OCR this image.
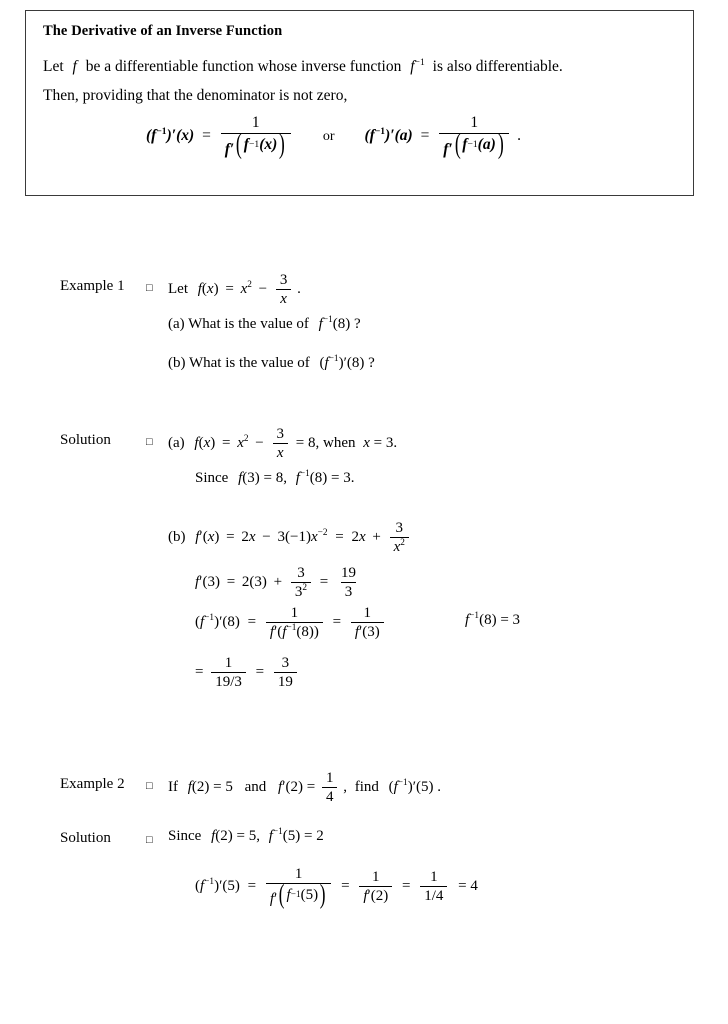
The Derivative of an Inverse Function
Let f be a differentiable function whose inverse function $f^{-1}$ is also differentiable.
Then, providing that the denominator is not zero,
$(f^{-1})'(x) = \frac{1}{f' ( f -1 (x) )}$ or $(f^{-1})'(a) = \frac{1}{f' ( f -1 (a) )}$ .
Example 1 □ Let $f(x) = x^2 - \frac{3}{x}$ .
(a) What is the value of $f^{-1}(8)$ ?
(b) What is the value of $(f^{-1})'(8)$ ?
Solution	□ (a) $f(x) = x^2 - \frac{3}{x} = 8$, when x = 3.
Since f(3) = 8, $f^{-1}(8) = 3$.
(b) $f'(x) = 2x - 3(-1)x^{-2} = 2x + \frac{3}{x^2}$
$f'(3) = 2(3) + \frac{3}{3^2} = \frac{19}{3}$
$(f^{-1})'(8) = \frac{1}{f'(f^{-1}(8))} = \frac{1}{f'(3)}$	$f^{-1}(8) = 3$
= $\frac{1}{19/3} = \frac{3}{19}$
Example 2 □ If f(2) = 5 and $f'(2) = \frac{1}{4}$ , find $(f^{-1})'(5)$ .
Solution	□ Since f(2) = 5, $f^{-1}(5) = 2$
$(f^{-1})'(5) = \frac{1}{f' ( f -1 (5) )} = \frac{1}{f'(2)} = \frac{1}{1/4} = 4$
